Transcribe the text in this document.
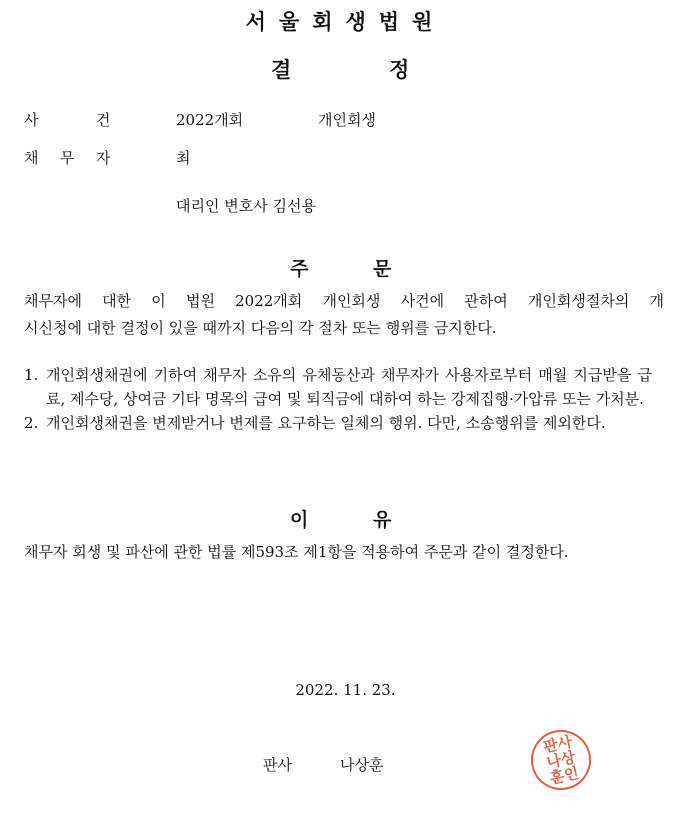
서울회생법원
결	정
사	건	2022개회	개인회생
채 무 자	최
대리인 변호사 김선용
주	문
채무자에 대한 이 법원 2022개회 개인회생 사건에 관하여 개인회생절차의 개
시신청에 대한 결정이 있을 때까지 다음의 각 절차 또는 행위를 금지한다.

1. 개인회생채권에 기하여 채무자 소유의 유체동산과 채무자가 사용자로부터 매월 지급받을 급료, 제수당, 상여금 기타 명목의 급여 및 퇴직금에 대하여 하는 강제집행·가압류 또는 가처분.

2. 개인회생채권을 변제받거나 변제를 요구하는 일체의 행위. 다만, 소송행위를 제외한다.

이	유
채무자 회생 및 파산에 관한 법률 제593조 제1항을 적용하여 주문과 같이 결정한다.
2022. 11. 23.
판사	나상훈
판사나상훈인
